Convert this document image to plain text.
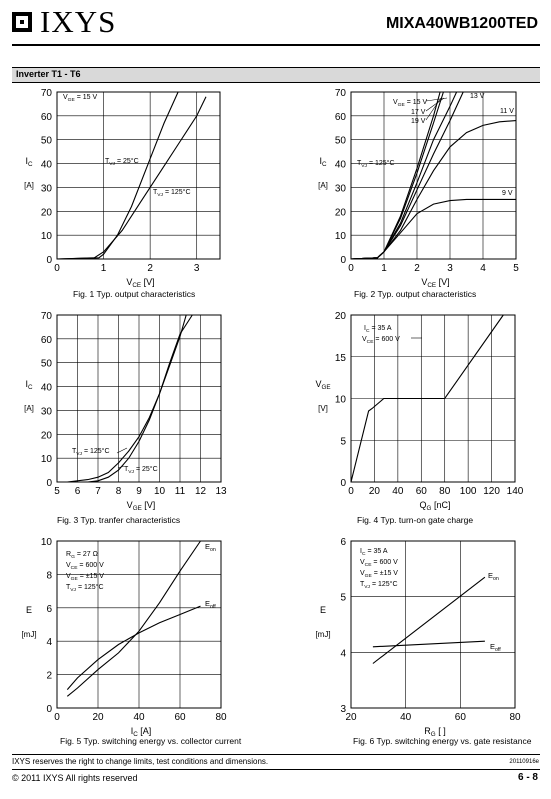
IXYS	MIXA40WB1200TED
Inverter T1 - T6
0	1	2	3
0
10
20
30
40
50
60
70
$V_{CE}$ [V]
$I_C$
[A]
0	1	2	3	4	5
0
10
20
30
40
50
60
70
$V_{CE}$ [V]
$I_C$
[A]
5 6 7 8 9 10 11 12 13
0
10
20
30
40
50
60
70
$V_{GE}$ [V]
$I_C$
[A]
0 20 40 60 80 100 120 140
0
5
10
15
20
$Q_G$ [nC]
$V_{GE}$
[V]
0	20	40	60	80
0
2
4
6
8
10
$I_C$ [A]
E
[mJ]
20	40	60	80
3
4
5
6
$R_G$ [ ]
E
[mJ]
$V_{GE} = 15$ V
$T_{VJ} = 25^\circ C$
$T_{VJ} = 125^\circ C$
$T_{VJ} = 125^\circ C$
$V_{GE} = 15$ V
17 V
19 V
13 V
11 V
9 V
$T_{VJ} = 125^\circ C$
$T_{VJ} = 25^\circ C$
$I_C = 35$ A
$V_{CE} = 600$ V
$R_G = 27$ Ω
$V_{CE} = 600$ V
$V_{GE} = \pm 15$ V
$T_{VJ} = 125^\circ C$
$E_{on}$
$E_{off}$
$I_C = 35$ A
$V_{CE} = 600$ V
$V_{GE} = \pm 15$ V
$T_{VJ} = 125^\circ C$
$E_{on}$
$E_{off}$
Fig. 1 Typ. output characteristics	Fig. 2 Typ. output characteristics
Fig. 3 Typ. tranfer characteristics	Fig. 4 Typ. turn-on gate charge
Fig. 5 Typ. switching energy vs. collector current	Fig. 6 Typ. switching energy vs. gate resistance
IXYS reserves the right to change limits, test conditions and dimensions.	20110916e
© 2011 IXYS All rights reserved	6 - 8
